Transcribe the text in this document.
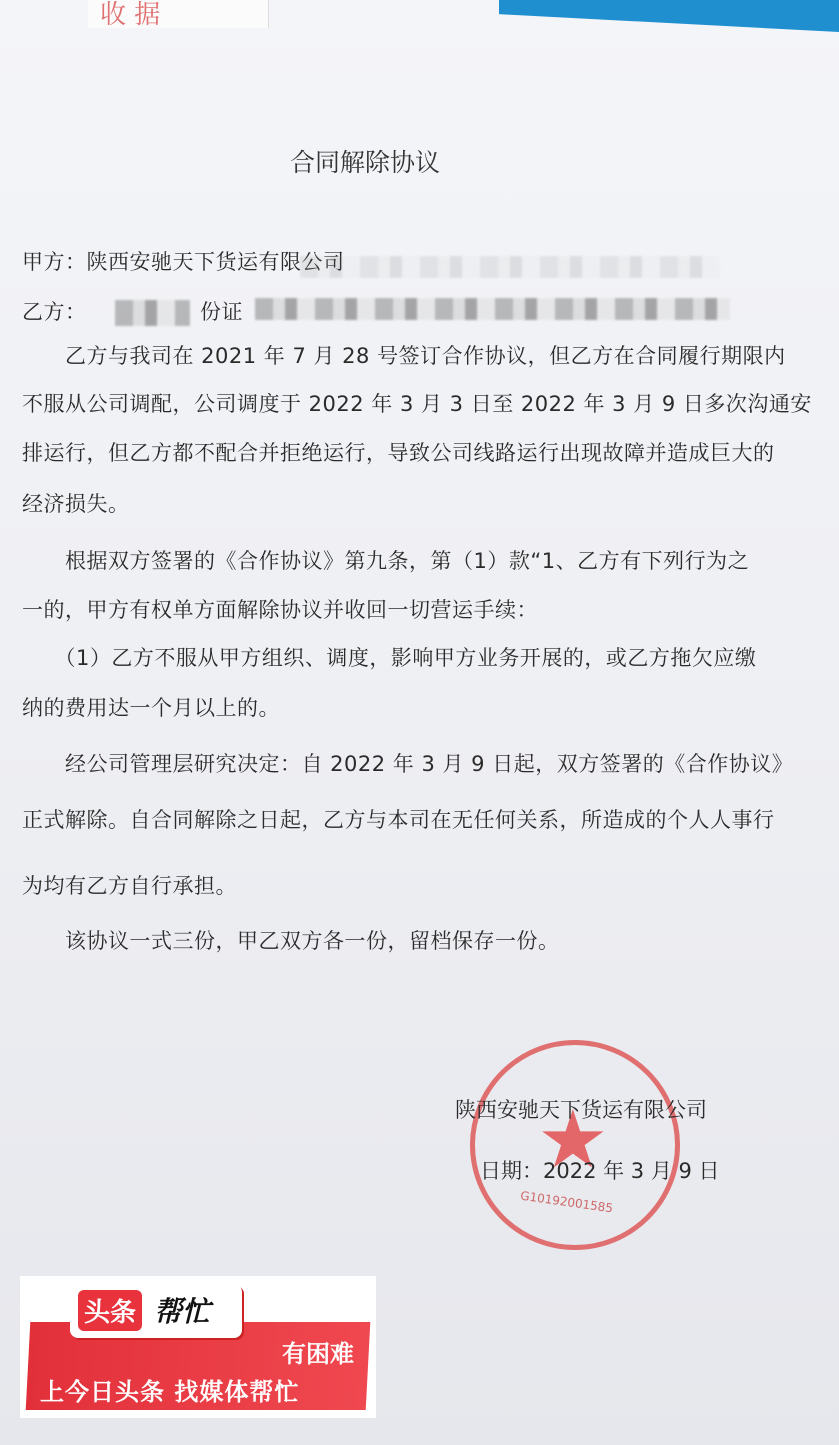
收 据
合同解除协议
甲方：陕西安驰天下货运有限公司
乙方：	份证
　　乙方与我司在 2021 年 7 月 28 号签订合作协议，但乙方在合同履行期限内
不服从公司调配，公司调度于 2022 年 3 月 3 日至 2022 年 3 月 9 日多次沟通安
排运行，但乙方都不配合并拒绝运行，导致公司线路运行出现故障并造成巨大的
经济损失。
　　根据双方签署的《合作协议》第九条，第（1）款“1、乙方有下列行为之
一的，甲方有权单方面解除协议并收回一切营运手续：
　　（1）乙方不服从甲方组织、调度，影响甲方业务开展的，或乙方拖欠应缴
纳的费用达一个月以上的。
　　经公司管理层研究决定：自 2022 年 3 月 9 日起，双方签署的《合作协议》
正式解除。自合同解除之日起，乙方与本司在无任何关系，所造成的个人人事行
为均有乙方自行承担。
　　该协议一式三份，甲乙双方各一份，留档保存一份。
★
G10192001585
陕西安驰天下货运有限公司
日期：2022 年 3 月 9 日
头条 帮忙
有困难
上今日头条 找媒体帮忙
